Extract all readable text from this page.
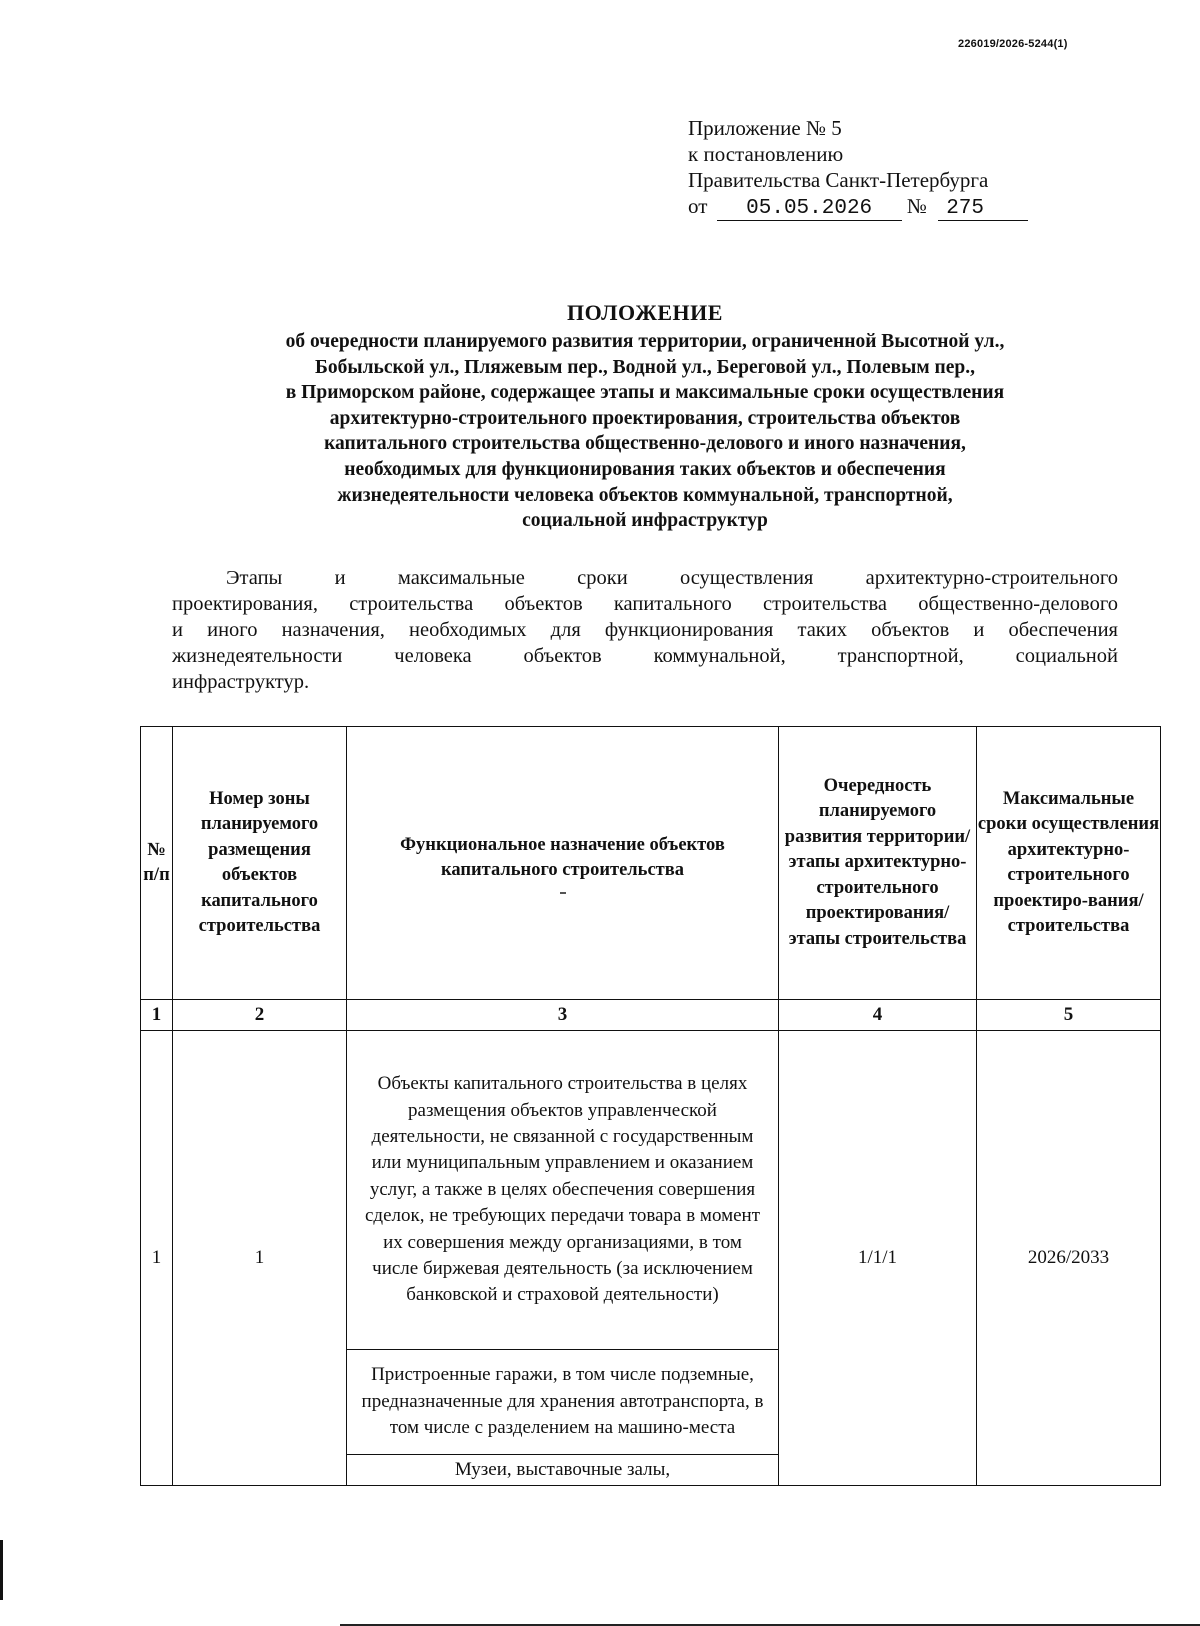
226019/2026-5244(1)
Приложение № 5
к постановлению
Правительства Санкт-Петербурга
от 05.05.2026 № 275
ПОЛОЖЕНИЕ
об очередности планируемого развития территории, ограниченной Высотной ул.,
Бобыльской ул., Пляжевым пер., Водной ул., Береговой ул., Полевым пер.,
в Приморском районе, содержащее этапы и максимальные сроки осуществления
архитектурно-строительного проектирования, строительства объектов
капитального строительства общественно-делового и иного назначения,
необходимых для функционирования таких объектов и обеспечения
жизнедеятельности человека объектов коммунальной, транспортной,
социальной инфраструктур
Этапы и максимальные сроки осуществления архитектурно-строительного
проектирования, строительства объектов капитального строительства общественно-делового
и иного назначения, необходимых для функционирования таких объектов и обеспечения
жизнедеятельности человека объектов коммунальной, транспортной, социальной
инфраструктур.
№ п/п	Номер зоны планируемого размещения объектов капитального строительства	Функциональное назначение объектов капитального строительства	Очередность планируемого развития территории/ этапы архитектурно-строительного проектирования/ этапы строительства	Максимальные сроки осуществления архитектурно-строительного проектиро-вания/ строительства
1	2	3	4	5
1	1	Объекты капитального строительства в целях размещения объектов управленческой деятельности, не связанной с государственным или муниципальным управлением и оказанием услуг, а также в целях обеспечения совершения сделок, не требующих передачи товара в момент их совершения между организациями, в том числе биржевая деятельность (за исключением банковской и страховой деятельности)	1/1/1	2026/2033
		Пристроенные гаражи, в том числе подземные, предназначенные для хранения автотранспорта, в том числе с разделением на машино-места		
		Музеи, выставочные залы,		
